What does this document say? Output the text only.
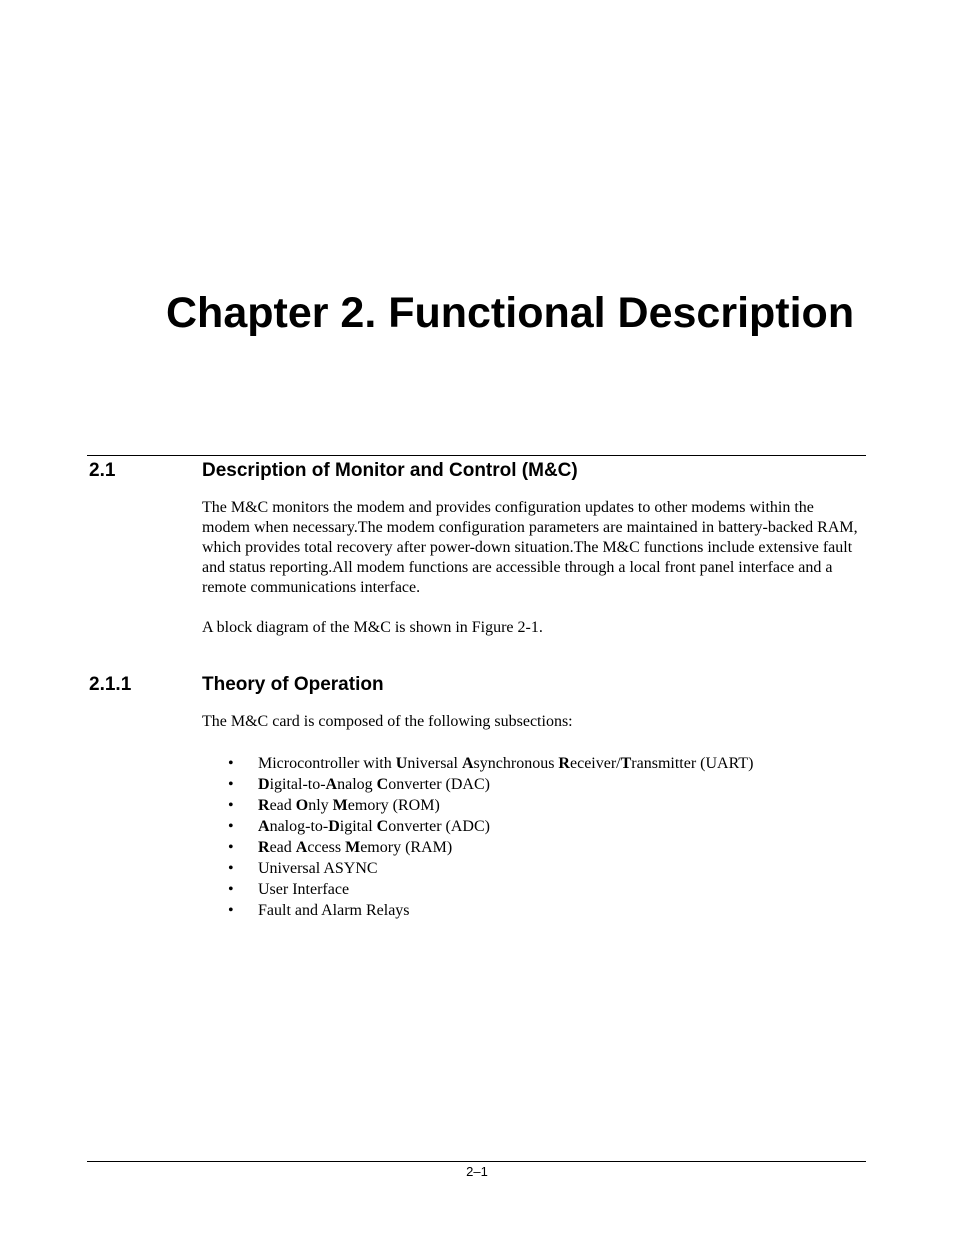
Chapter 2. Functional Description
2.1	Description of Monitor and Control (M&C)

The M&C monitors the modem and provides configuration updates to other modems within the modem when necessary.The modem configuration parameters are maintained in battery-backed RAM, which provides total recovery after power-down situation.The M&C functions include extensive fault and status reporting.All modem functions are accessible through a local front panel interface and a remote communications interface.

A block diagram of the M&C is shown in Figure 2-1.

2.1.1	Theory of Operation

The M&C card is composed of the following subsections:

• Microcontroller with Universal Asynchronous Receiver/Transmitter (UART)
• Digital-to-Analog Converter (DAC)
• Read Only Memory (ROM)
• Analog-to-Digital Converter (ADC)
• Read Access Memory (RAM)
• Universal ASYNC
• User Interface
• Fault and Alarm Relays
2–1
